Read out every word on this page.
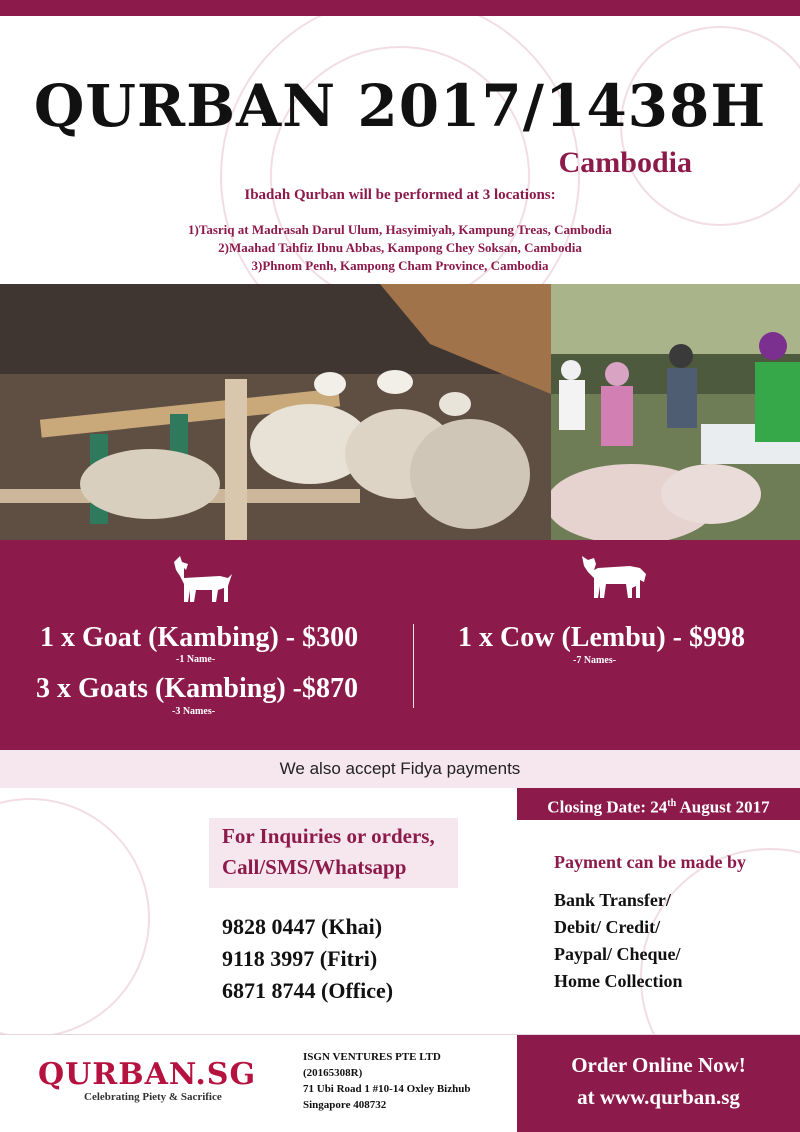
QURBAN 2017/1438H
Cambodia
Ibadah Qurban will be performed at 3 locations:
1)Tasriq at Madrasah Darul Ulum, Hasyimiyah, Kampung Treas, Cambodia
2)Maahad Tahfiz Ibnu Abbas, Kampong Chey Soksan, Cambodia
3)Phnom Penh, Kampong Cham Province, Cambodia
1 x Goat (Kambing) - $300
-1 Name-
3 x Goats (Kambing) -$870
-3 Names-
1 x Cow (Lembu) - $998
-7 Names-
We also accept Fidya payments
Closing Date: 24th August 2017
For Inquiries or orders,
Call/SMS/Whatsapp
9828 0447 (Khai)
9118 3997 (Fitri)
6871 8744 (Office)
Payment can be made by
Bank Transfer/
Debit/ Credit/
Paypal/ Cheque/
Home Collection
QURBAN.SG
Celebrating Piety & Sacrifice
ISGN VENTURES PTE LTD
(20165308R)
71 Ubi Road 1 #10-14 Oxley Bizhub
Singapore 408732
Order Online Now!
at www.qurban.sg
